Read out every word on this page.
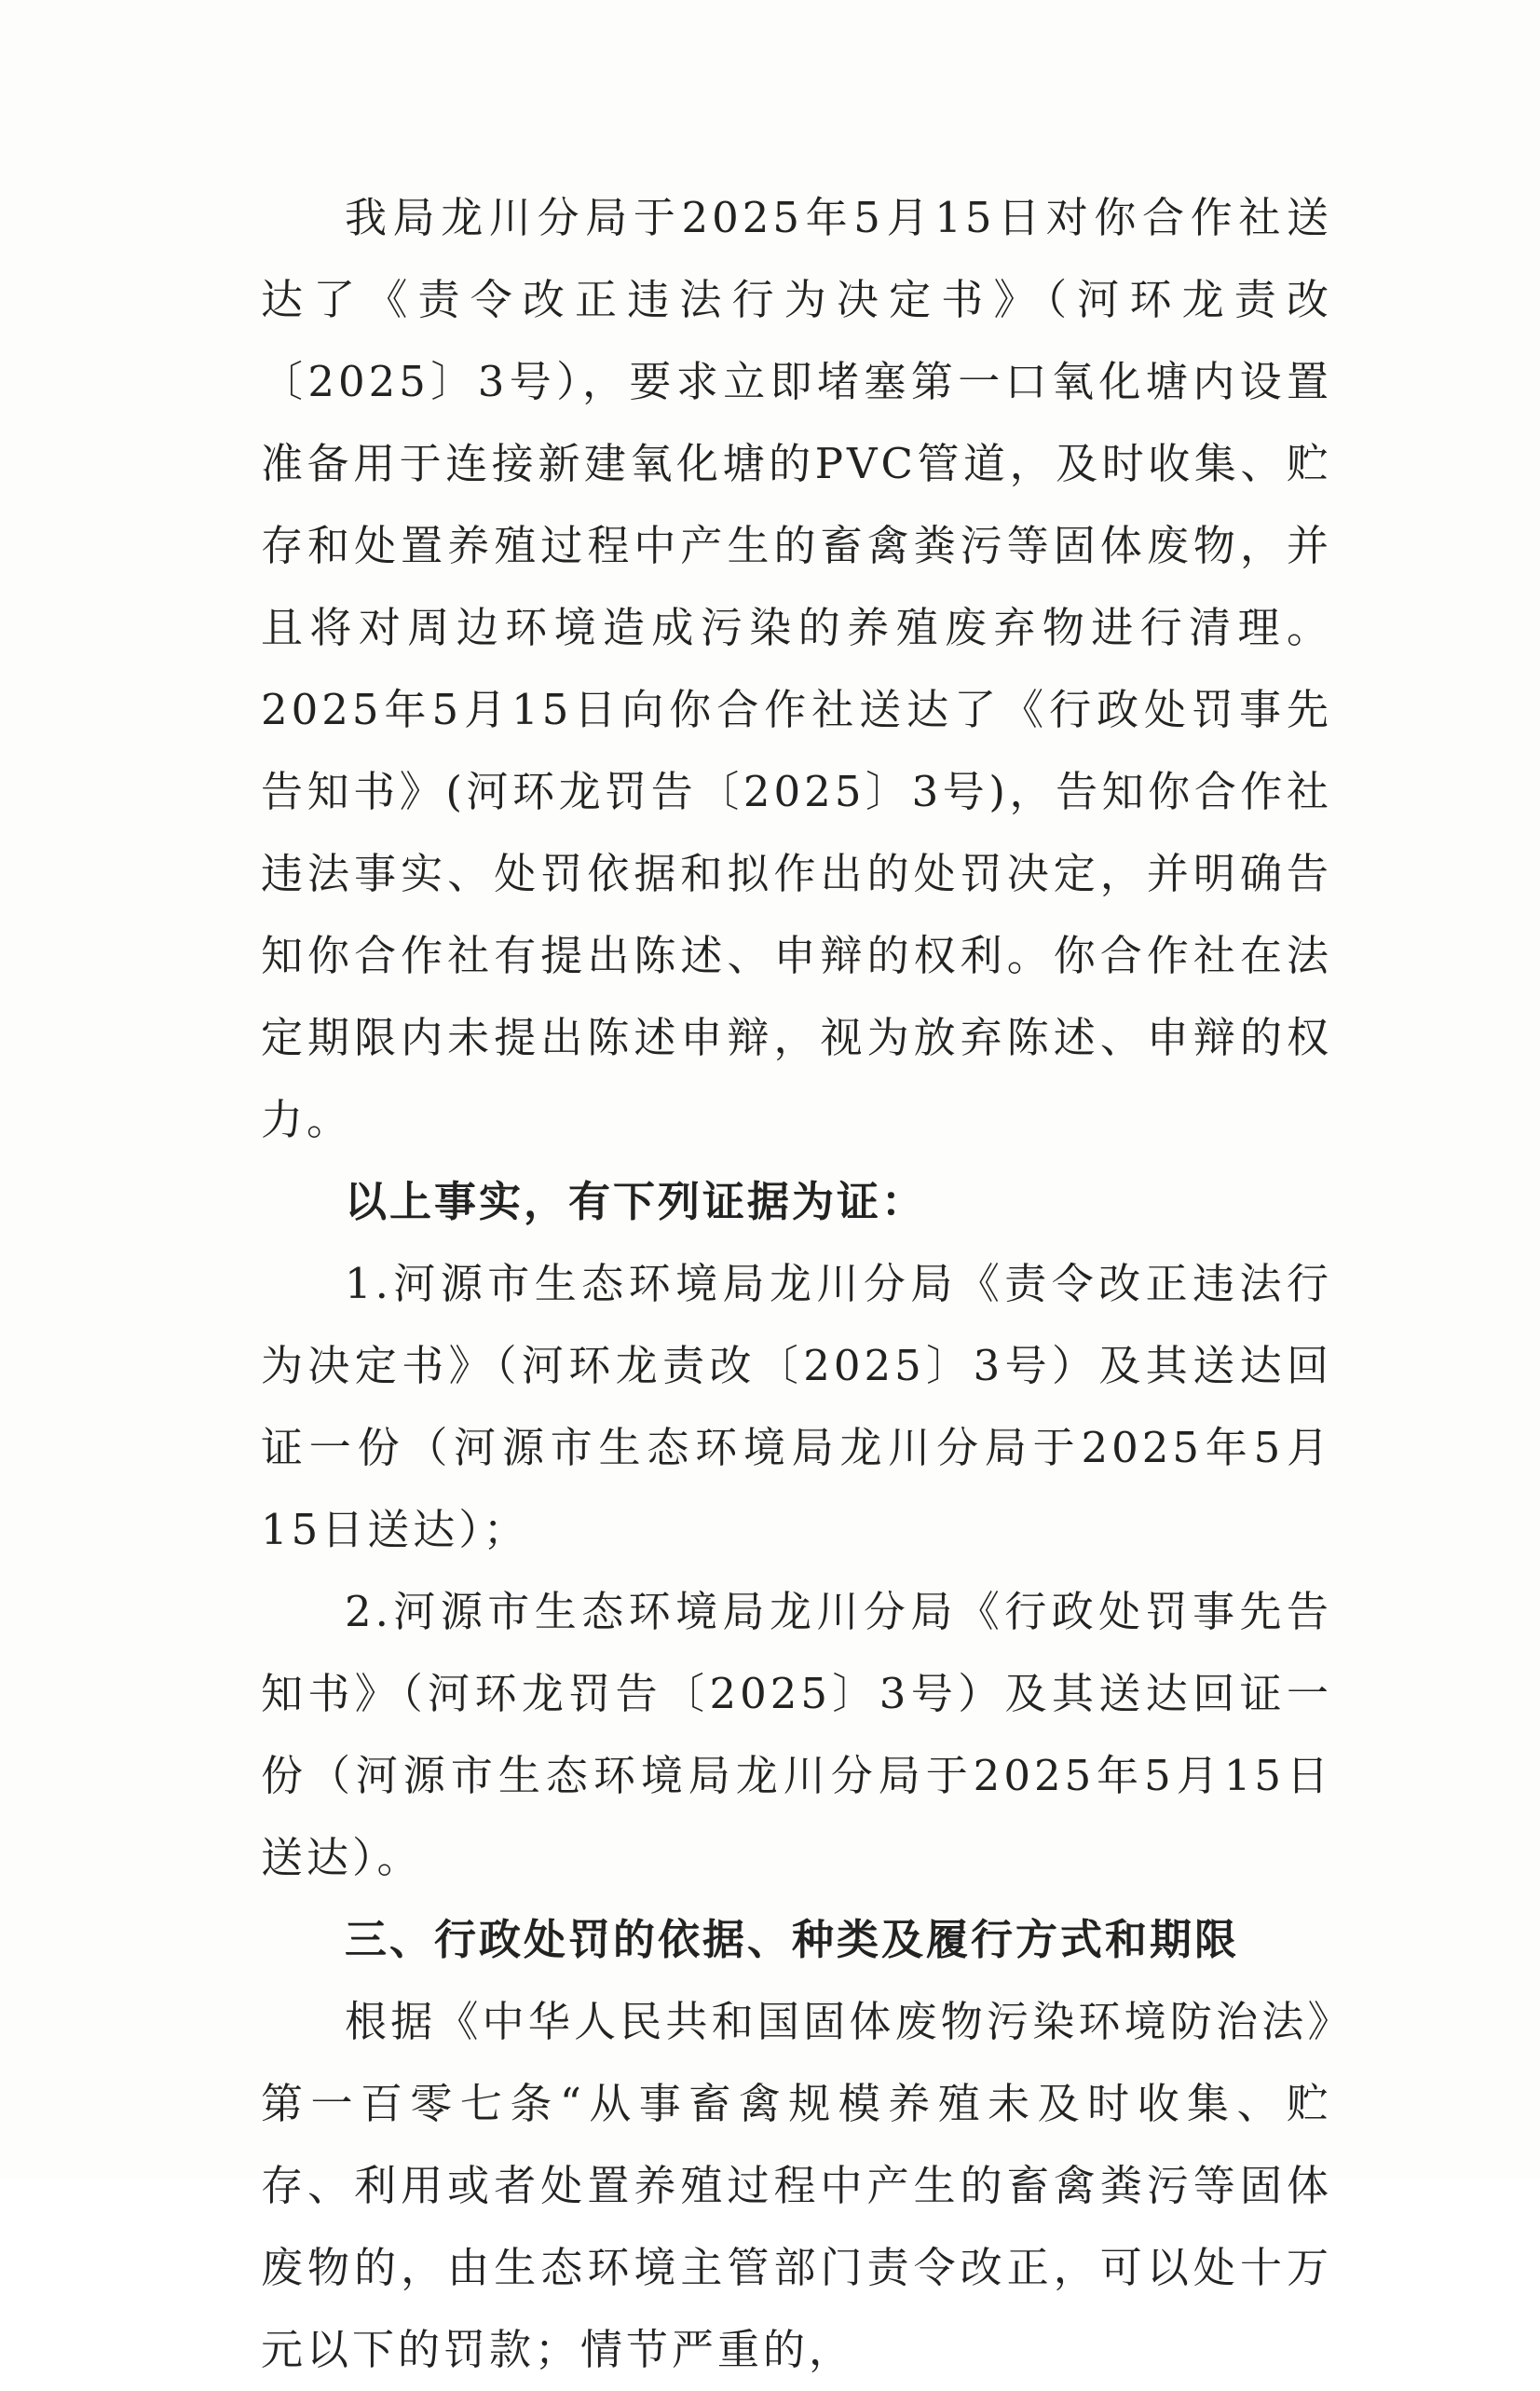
我局龙川分局于2025年5月15日对你合作社送达了《责令改正违法行为决定书》（河环龙责改〔2025〕3号），要求立即堵塞第一口氧化塘内设置准备用于连接新建氧化塘的PVC管道，及时收集、贮存和处置养殖过程中产生的畜禽粪污等固体废物，并且将对周边环境造成污染的养殖废弃物进行清理。2025年5月15日向你合作社送达了《行政处罚事先告知书》(河环龙罚告〔2025〕3号)，告知你合作社违法事实、处罚依据和拟作出的处罚决定，并明确告知你合作社有提出陈述、申辩的权利。你合作社在法定期限内未提出陈述申辩，视为放弃陈述、申辩的权力。

以上事实，有下列证据为证：

1.河源市生态环境局龙川分局《责令改正违法行为决定书》（河环龙责改〔2025〕3号）及其送达回证一份（河源市生态环境局龙川分局于2025年5月15日送达）；

2.河源市生态环境局龙川分局《行政处罚事先告知书》（河环龙罚告〔2025〕3号）及其送达回证一份（河源市生态环境局龙川分局于2025年5月15日送达）。

三、行政处罚的依据、种类及履行方式和期限

根据《中华人民共和国固体废物污染环境防治法》第一百零七条“从事畜禽规模养殖未及时收集、贮存、利用或者处置养殖过程中产生的畜禽粪污等固体废物的，由生态环境主管部门责令改正，可以处十万元以下的罚款；情节严重的，
